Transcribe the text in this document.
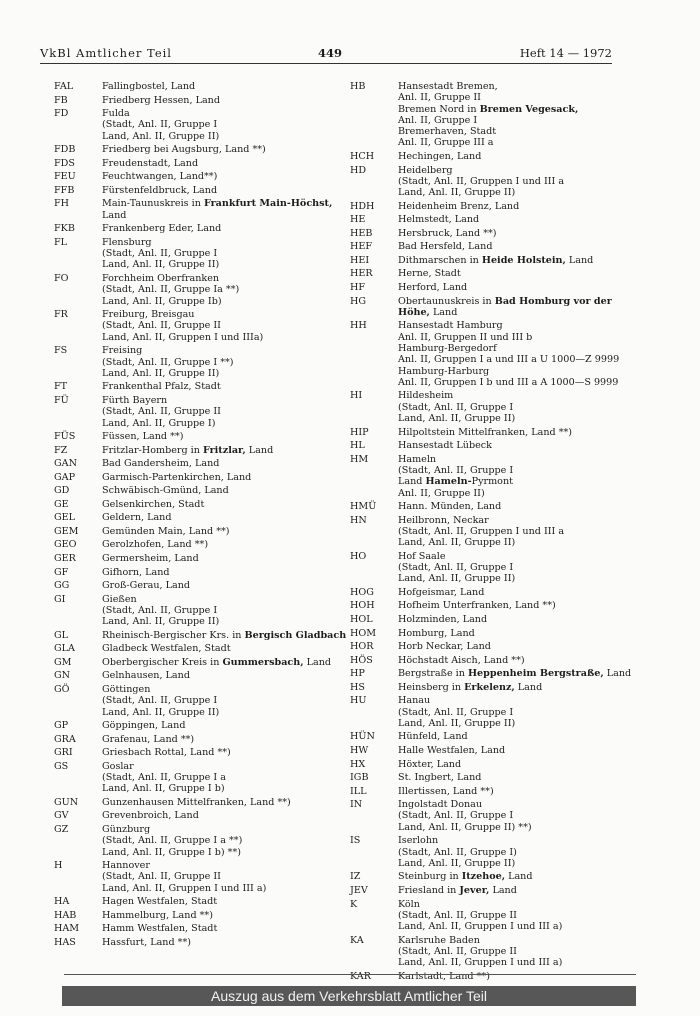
VkBl Amtlicher Teil	449	Heft 14 — 1972
FAL	Fallingbostel, Land
FB	Friedberg Hessen, Land
FD	Fulda
(Stadt, Anl. II, Gruppe I
Land, Anl. II, Gruppe II)
FDB	Friedberg bei Augsburg, Land **)
FDS	Freudenstadt, Land
FEU	Feuchtwangen, Land**)
FFB	Fürstenfeldbruck, Land
FH	Main-Taunuskreis in Frankfurt Main-Höchst,
Land
FKB	Frankenberg Eder, Land
FL	Flensburg
(Stadt, Anl. II, Gruppe I
Land, Anl. II, Gruppe II)
FO	Forchheim Oberfranken
(Stadt, Anl. II, Gruppe Ia **)
Land, Anl. II, Gruppe Ib)
FR	Freiburg, Breisgau
(Stadt, Anl. II, Gruppe II
Land, Anl. II, Gruppen I und IIIa)
FS	Freising
(Stadt, Anl. II, Gruppe I **)
Land, Anl. II, Gruppe II)
FT	Frankenthal Pfalz, Stadt
FÜ	Fürth Bayern
(Stadt, Anl. II, Gruppe II
Land, Anl. II, Gruppe I)
FÜS	Füssen, Land **)
FZ	Fritzlar-Homberg in Fritzlar, Land
GAN	Bad Gandersheim, Land
GAP	Garmisch-Partenkirchen, Land
GD	Schwäbisch-Gmünd, Land
GE	Gelsenkirchen, Stadt
GEL	Geldern, Land
GEM Gemünden Main, Land **)
GEO	Gerolzhofen, Land **)
GER	Germersheim, Land
GF	Gifhorn, Land
GG	Groß-Gerau, Land
GI	Gießen
(Stadt, Anl. II, Gruppe I
Land, Anl. II, Gruppe II)
GL	Rheinisch-Bergischer Krs. in Bergisch Gladbach
GLA	Gladbeck Westfalen, Stadt
GM	Oberbergischer Kreis in Gummersbach, Land
GN	Gelnhausen, Land
GÖ	Göttingen
(Stadt, Anl. II, Gruppe I
Land, Anl. II, Gruppe II)
GP	Göppingen, Land
GRA	Grafenau, Land **)
GRI	Griesbach Rottal, Land **)
GS	Goslar
(Stadt, Anl. II, Gruppe I a
Land, Anl. II, Gruppe I b)
GUN Gunzenhausen Mittelfranken, Land **)
GV	Grevenbroich, Land
GZ	Günzburg
(Stadt, Anl. II, Gruppe I a **)
Land, Anl. II, Gruppe I b) **)
H	Hannover
(Stadt, Anl. II, Gruppe II
Land, Anl. II, Gruppen I und III a)
HA	Hagen Westfalen, Stadt
HAB	Hammelburg, Land **)
HAM Hamm Westfalen, Stadt
HAS	Hassfurt, Land **)
HB	Hansestadt Bremen,
Anl. II, Gruppe II
Bremen Nord in Bremen Vegesack,
Anl. II, Gruppe I
Bremerhaven, Stadt
Anl. II, Gruppe III a
HCH Hechingen, Land
HD	Heidelberg
(Stadt, Anl. II, Gruppen I und III a
Land, Anl. II, Gruppe II)
HDH Heidenheim Brenz, Land
HE	Helmstedt, Land
HEB	Hersbruck, Land **)
HEF	Bad Hersfeld, Land
HEI	Dithmarschen in Heide Holstein, Land
HER	Herne, Stadt
HF	Herford, Land
HG	Obertaunuskreis in Bad Homburg vor der
Höhe, Land
HH	Hansestadt Hamburg
Anl. II, Gruppen II und III b
Hamburg-Bergedorf
Anl. II, Gruppen I a und III a U 1000—Z 9999
Hamburg-Harburg
Anl. II, Gruppen I b und III a A 1000—S 9999
HI	Hildesheim
(Stadt, Anl. II, Gruppe I
Land, Anl. II, Gruppe II)
HIP	Hilpoltstein Mittelfranken, Land **)
HL	Hansestadt Lübeck
HM	Hameln
(Stadt, Anl. II, Gruppe I
Land Hameln-Pyrmont
Anl. II, Gruppe II)
HMÜ Hann. Münden, Land
HN	Heilbronn, Neckar
(Stadt, Anl. II, Gruppen I und III a
Land, Anl. II, Gruppe II)
HO	Hof Saale
(Stadt, Anl. II, Gruppe I
Land, Anl. II, Gruppe II)
HOG	Hofgeismar, Land
HOH Hofheim Unterfranken, Land **)
HOL	Holzminden, Land
HOM Homburg, Land
HOR	Horb Neckar, Land
HÖS	Höchstadt Aisch, Land **)
HP	Bergstraße in Heppenheim Bergstraße, Land
HS	Heinsberg in Erkelenz, Land
HU	Hanau
(Stadt, Anl. II, Gruppe I
Land, Anl. II, Gruppe II)
HÜN Hünfeld, Land
HW	Halle Westfalen, Land
HX	Höxter, Land
IGB	St. Ingbert, Land
ILL	Illertissen, Land **)
IN	Ingolstadt Donau
(Stadt, Anl. II, Gruppe I
Land, Anl. II, Gruppe II) **)
IS	Iserlohn
(Stadt, Anl. II, Gruppe I)
Land, Anl. II, Gruppe II)
IZ	Steinburg in Itzehoe, Land
JEV	Friesland in Jever, Land
K	Köln
(Stadt, Anl. II, Gruppe II
Land, Anl. II, Gruppen I und III a)
KA	Karlsruhe Baden
(Stadt, Anl. II, Gruppe II
Land, Anl. II, Gruppen I und III a)
KAR	Karlstadt, Land **)
Auszug aus dem Verkehrsblatt Amtlicher Teil
